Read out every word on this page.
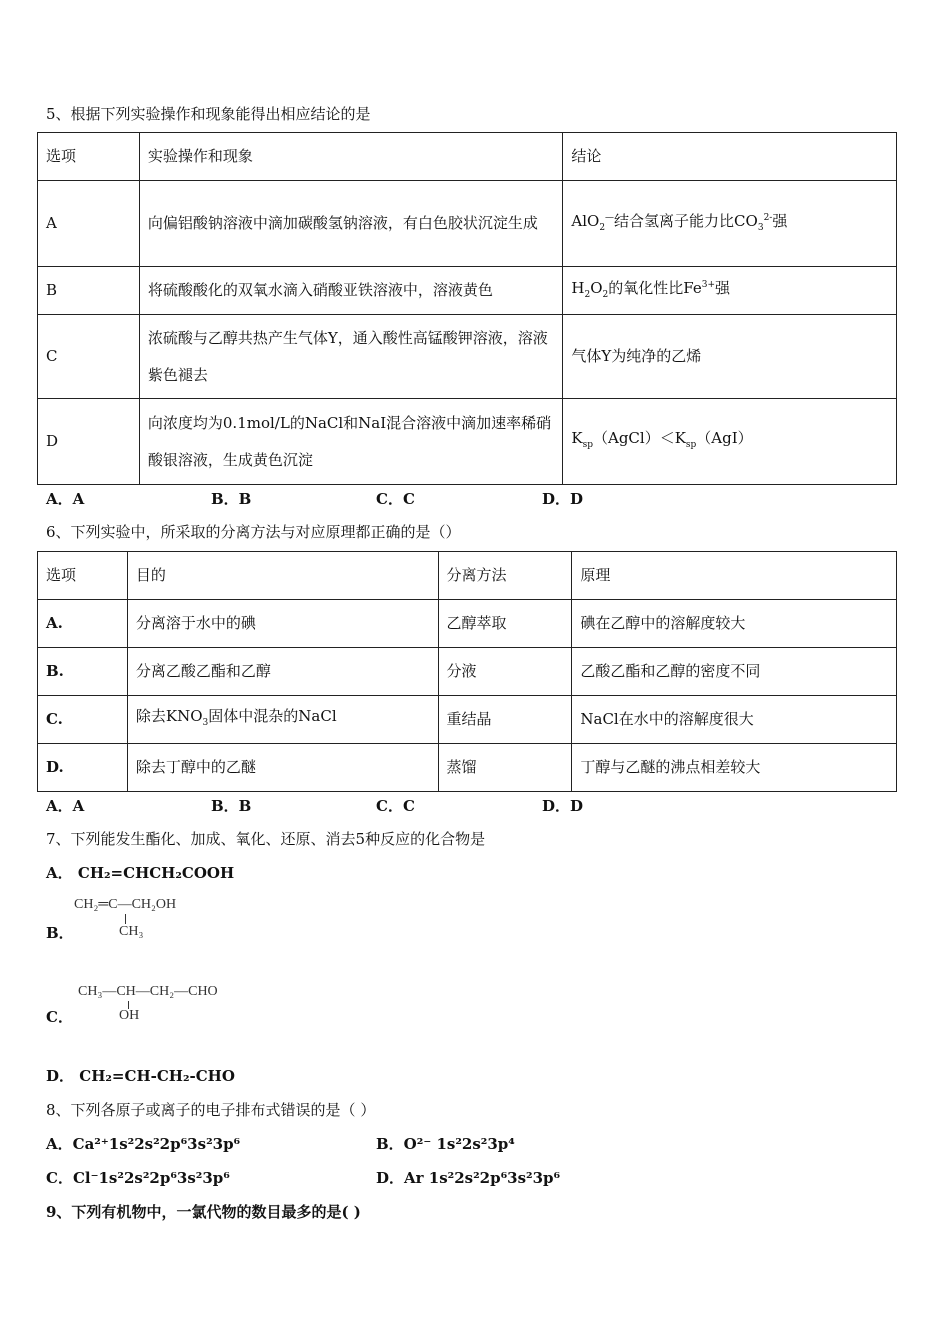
5、根据下列实验操作和现象能得出相应结论的是
选项	实验操作和现象	结论
A	向偏铝酸钠溶液中滴加碳酸氢钠溶液，有白色胶状沉淀生成	AlO$_2$—结合氢离子能力比$CO_3^{2-}$强
B	将硫酸酸化的双氧水滴入硝酸亚铁溶液中，溶液黄色	$H_2O_2$的氧化性比$Fe^{3+}$强
C	浓硫酸与乙醇共热产生气体Y，通入酸性高锰酸钾溶液，溶液紫色褪去	气体Y为纯净的乙烯
D	向浓度均为0.1mol/L的NaCl和NaI混合溶液中滴加速率稀硝酸银溶液，生成黄色沉淀	$K_{sp}(AgCl)<K_{sp}(AgI)$
A．A	B．B	C．C	D．D
6、下列实验中，所采取的分离方法与对应原理都正确的是（）
选项	目的	分离方法	原理
A.	分离溶于水中的碘	乙醇萃取	碘在乙醇中的溶解度较大
B.	分离乙酸乙酯和乙醇	分液	乙酸乙酯和乙醇的密度不同
C.	除去$KNO_3$固体中混杂的NaCl	重结晶	NaCl在水中的溶解度很大
D.	除去丁醇中的乙醚	蒸馏	丁醇与乙醚的沸点相差较大
A．A	B．B	C．C	D．D
7、下列能发生酯化、加成、氧化、还原、消去5种反应的化合物是
A． CH₂=CHCH₂COOH
B．
CH₂═C—CH₂OH
CH₃
C．
CH₃—CH—CH₂—CHO
OH
D． CH₂=CH-CH₂-CHO
8、下列各原子或离子的电子排布式错误的是（ ）
A．Ca²⁺1s²2s²2p⁶3s²3p⁶	B．O²⁻ 1s²2s²3p⁴
C．Cl⁻1s²2s²2p⁶3s²3p⁶	D．Ar 1s²2s²2p⁶3s²3p⁶
9、下列有机物中，一氯代物的数目最多的是( )
